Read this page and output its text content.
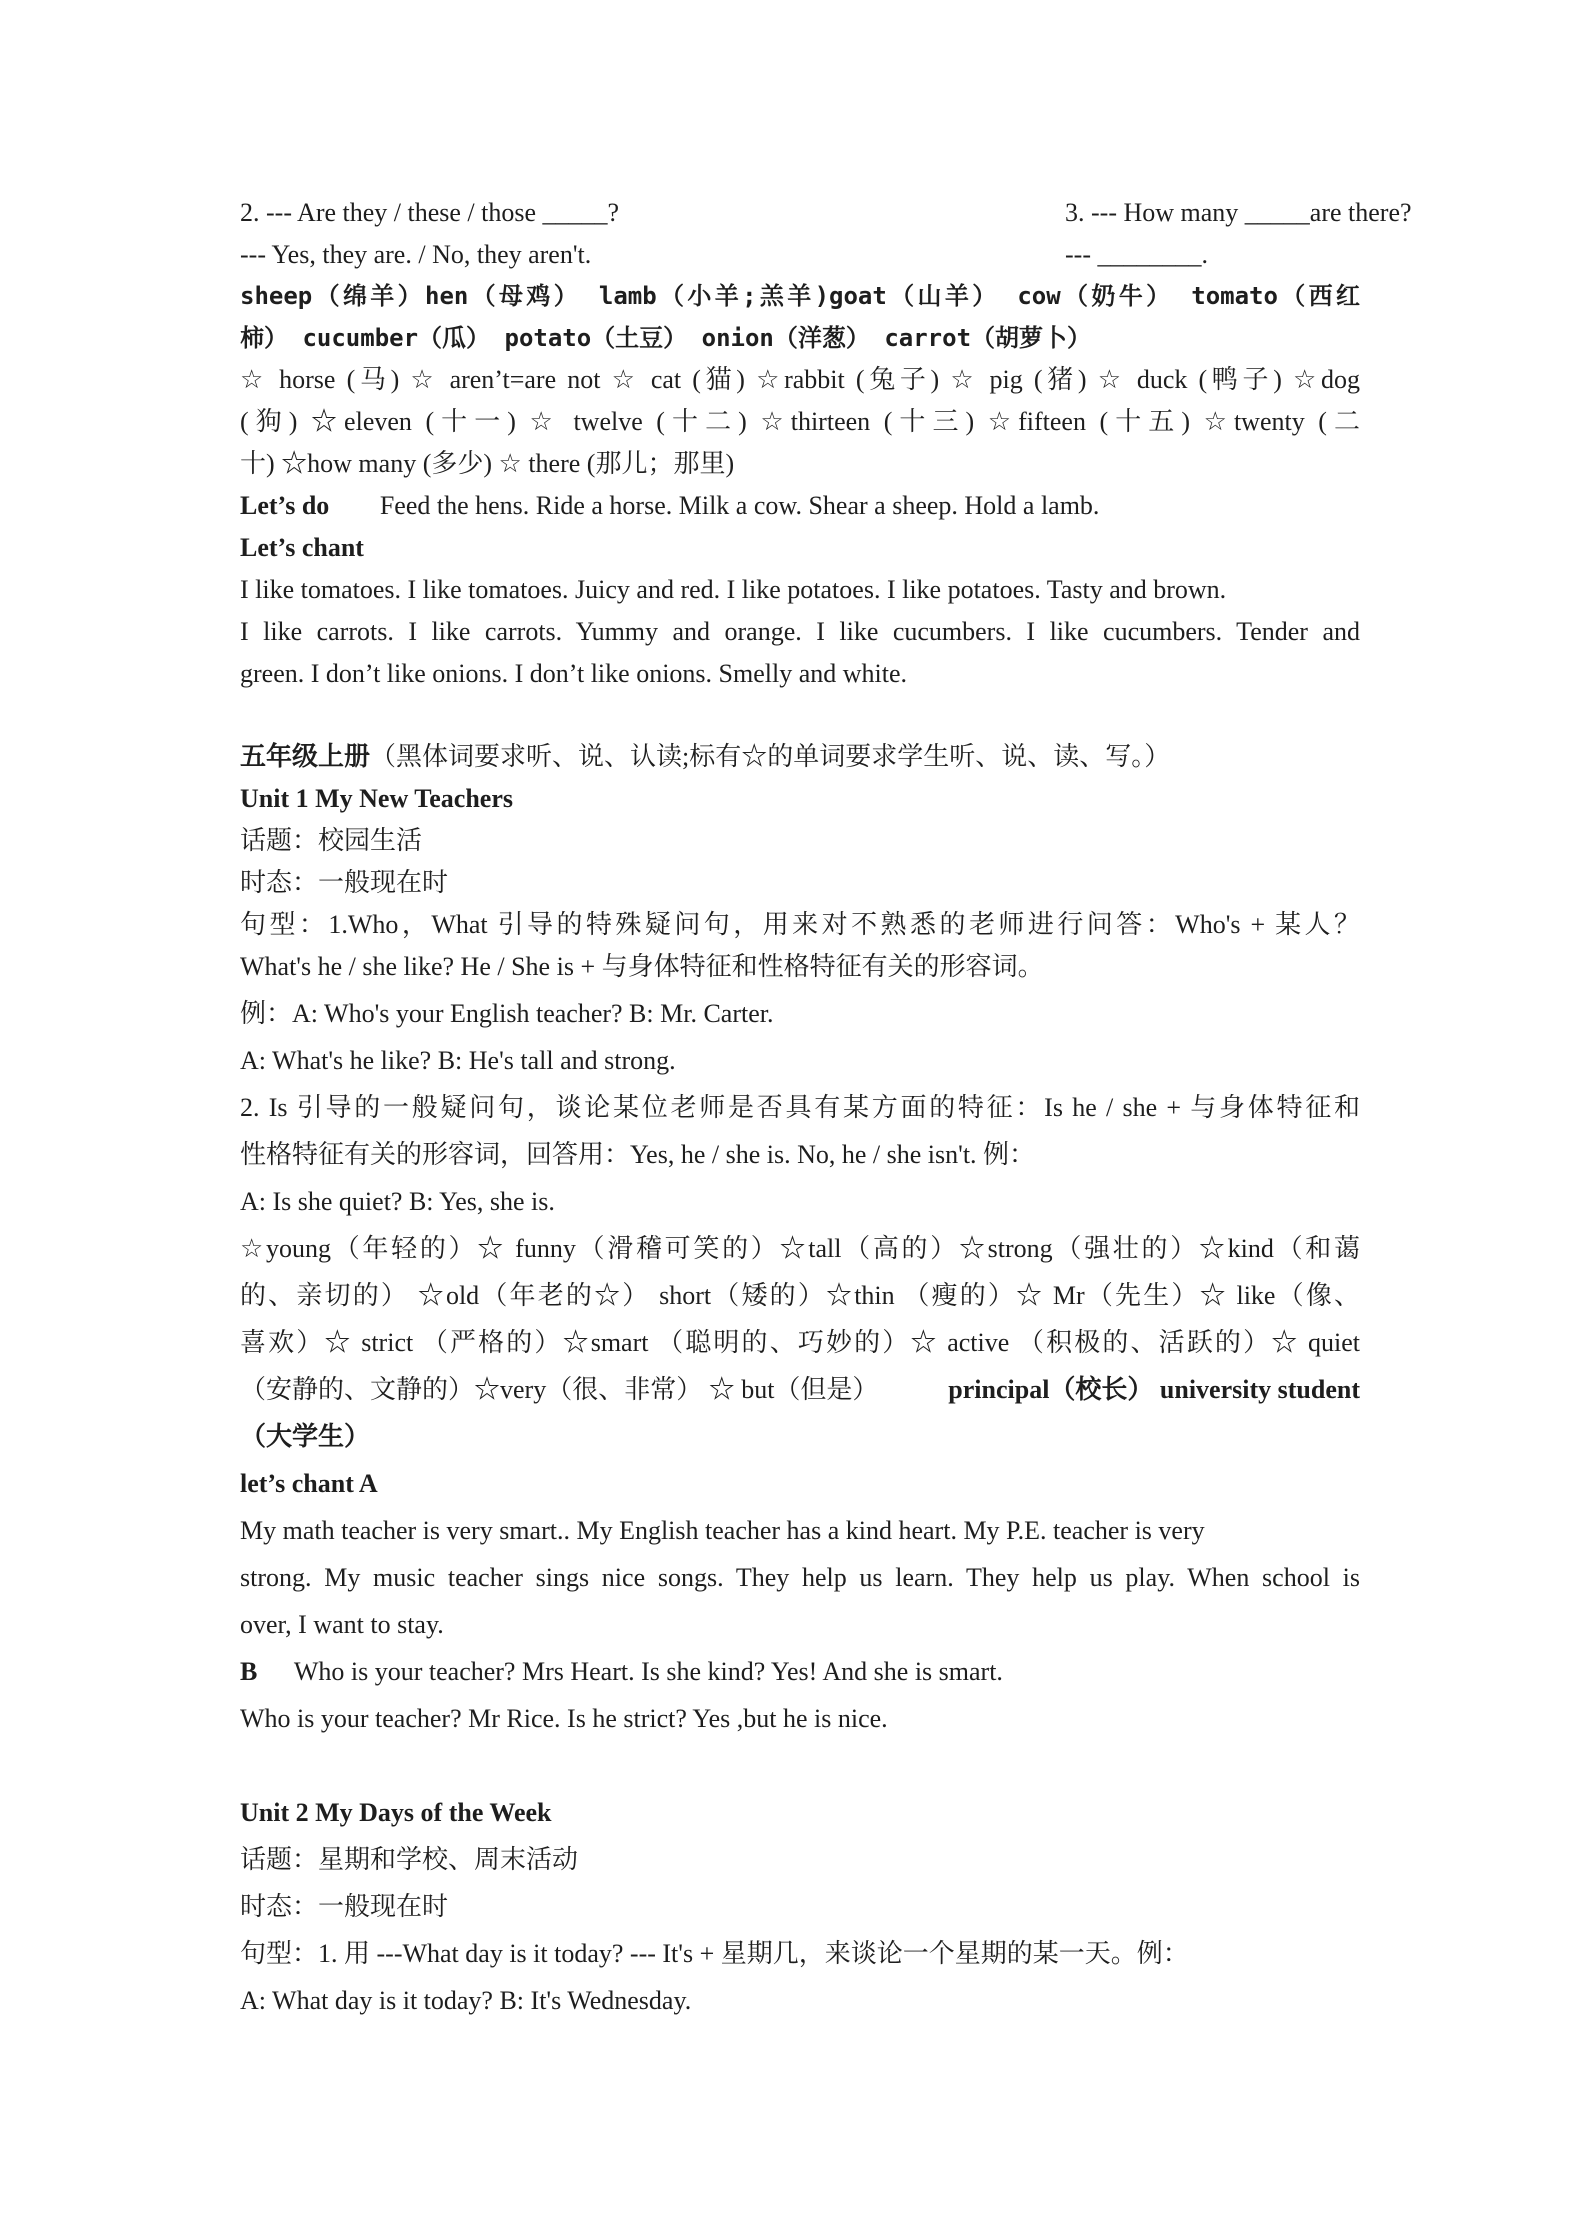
2. --- Are they / these / those _____?	3. --- How many _____are there?
--- Yes, they are. / No, they aren't.	--- ________.
sheep（绵羊）hen（母鸡） lamb（小羊;羔羊)goat（山羊） cow（奶牛） tomato（西红
柿） cucumber（瓜） potato（土豆） onion（洋葱） carrot（胡萝卜）
☆ horse (马) ☆ aren’t=are not ☆ cat (猫) ☆rabbit (兔子) ☆ pig (猪) ☆ duck (鸭子) ☆dog
(狗) ☆eleven (十一) ☆ twelve (十二) ☆thirteen (十三) ☆fifteen (十五) ☆twenty (二
十) ☆how many (多少) ☆ there (那儿；那里)
Let’s do Feed the hens. Ride a horse. Milk a cow. Shear a sheep. Hold a lamb.
Let’s chant
I like tomatoes. I like tomatoes. Juicy and red. I like potatoes. I like potatoes. Tasty and brown.
I like carrots. I like carrots. Yummy and orange. I like cucumbers. I like cucumbers. Tender and
green. I don’t like onions. I don’t like onions. Smelly and white.
五年级上册（黑体词要求听、说、认读;标有☆的单词要求学生听、说、读、写。）
Unit 1 My New Teachers
话题：校园生活
时态：一般现在时
句型：1.Who，What 引导的特殊疑问句，用来对不熟悉的老师进行问答：Who's + 某人？
What's he / she like? He / She is + 与身体特征和性格特征有关的形容词。
例：A: Who's your English teacher? B: Mr. Carter.
A: What's he like? B: He's tall and strong.
2. Is 引导的一般疑问句，谈论某位老师是否具有某方面的特征：Is he / she + 与身体特征和
性格特征有关的形容词，回答用：Yes, he / she is. No, he / she isn't. 例：
A: Is she quiet? B: Yes, she is.
☆young（年轻的）☆ funny（滑稽可笑的）☆tall（高的）☆strong（强壮的）☆kind（和蔼
的、亲切的） ☆old（年老的☆） short（矮的）☆thin （瘦的）☆ Mr（先生）☆ like（像、
喜欢）☆ strict （严格的）☆smart （聪明的、巧妙的）☆ active （积极的、活跃的）☆ quiet
（安静的、文静的）☆very（很、非常） ☆ but（但是）	principal（校长） university student
（大学生）
let’s chant A
My math teacher is very smart.. My English teacher has a kind heart. My P.E. teacher is very
strong. My music teacher sings nice songs. They help us learn. They help us play. When school is
over, I want to stay.
B Who is your teacher? Mrs Heart. Is she kind? Yes! And she is smart.
Who is your teacher? Mr Rice. Is he strict? Yes ,but he is nice.
Unit 2 My Days of the Week
话题：星期和学校、周末活动
时态：一般现在时
句型：1. 用 ---What day is it today? --- It's + 星期几，来谈论一个星期的某一天。例：
A: What day is it today? B: It's Wednesday.
